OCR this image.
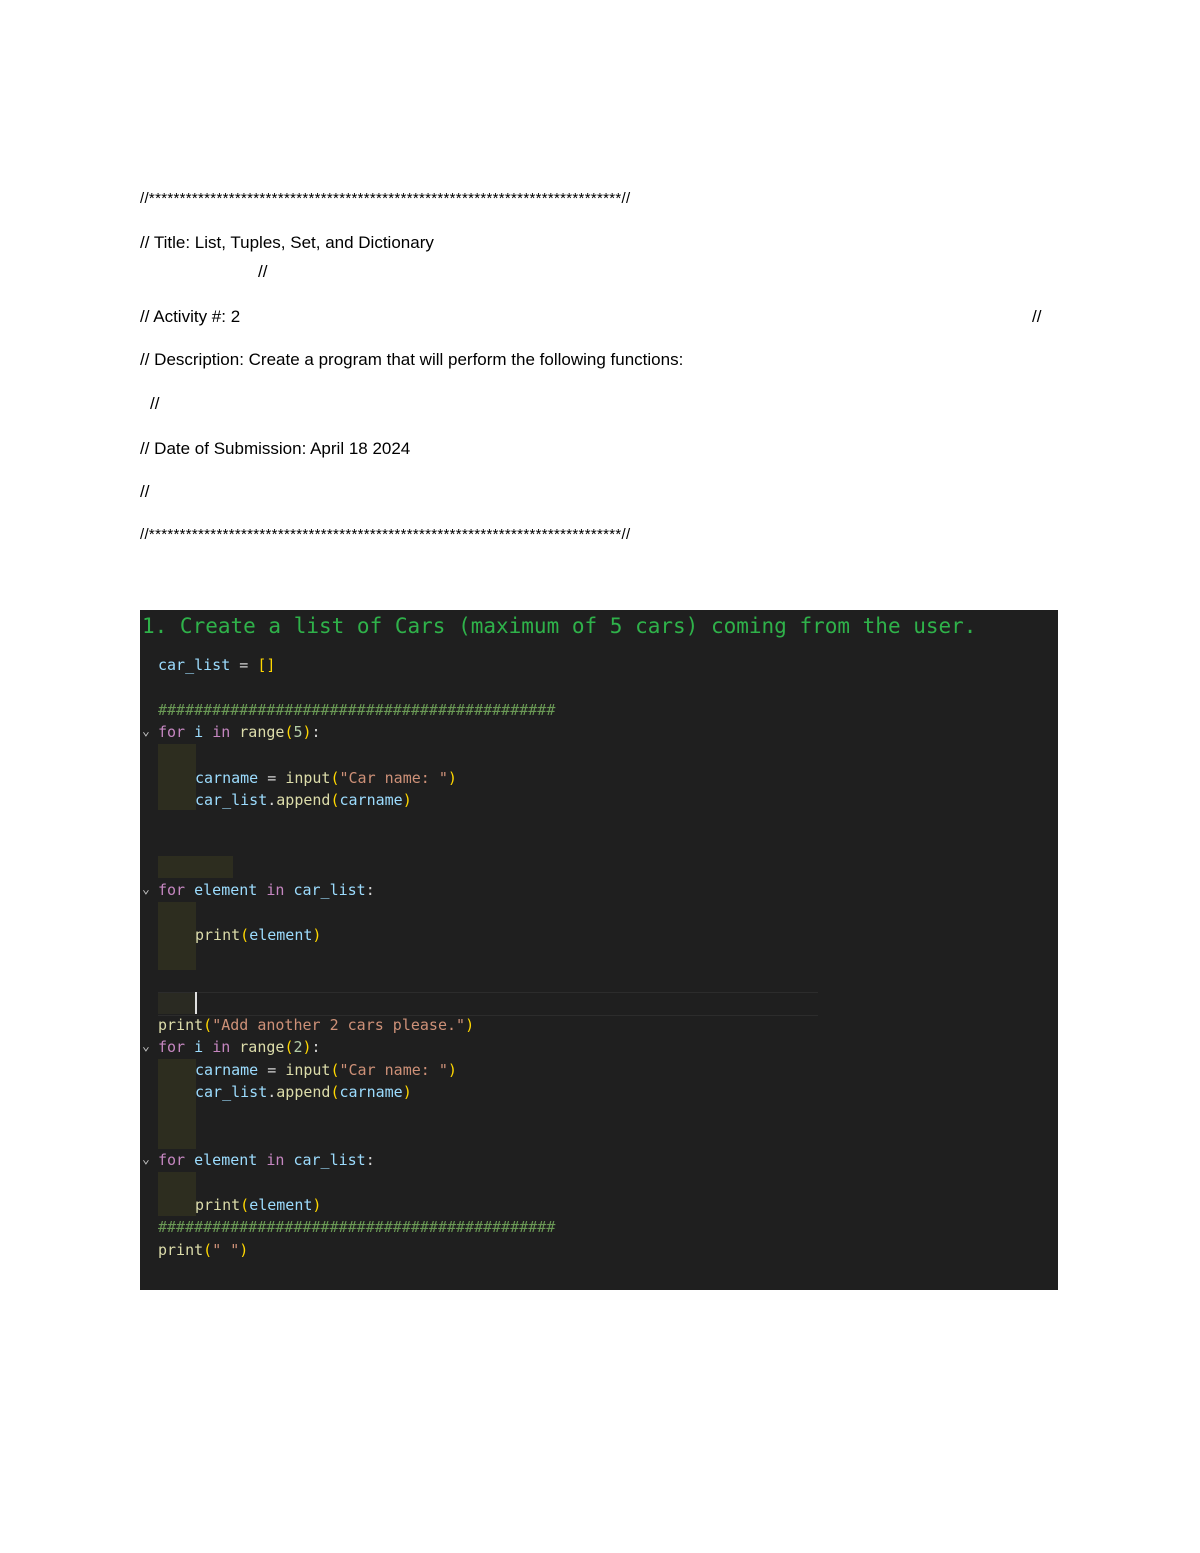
//*****************************************************************************//
// Title: List, Tuples, Set, and Dictionary
//
// Activity #: 2	//
// Description: Create a program that will perform the following functions:
//
// Date of Submission: April 18 2024
//
//*****************************************************************************//
1. Create a list of Cars (maximum of 5 cars) coming from the user.
car_list = []
############################################
⌄ for i in range(5):
carname = input("Car name: ")
car_list.append(carname)
⌄ for element in car_list:
print(element)
print("Add another 2 cars please.")
⌄ for i in range(2):
carname = input("Car name: ")
car_list.append(carname)
⌄ for element in car_list:
print(element)
############################################
print(" ")
